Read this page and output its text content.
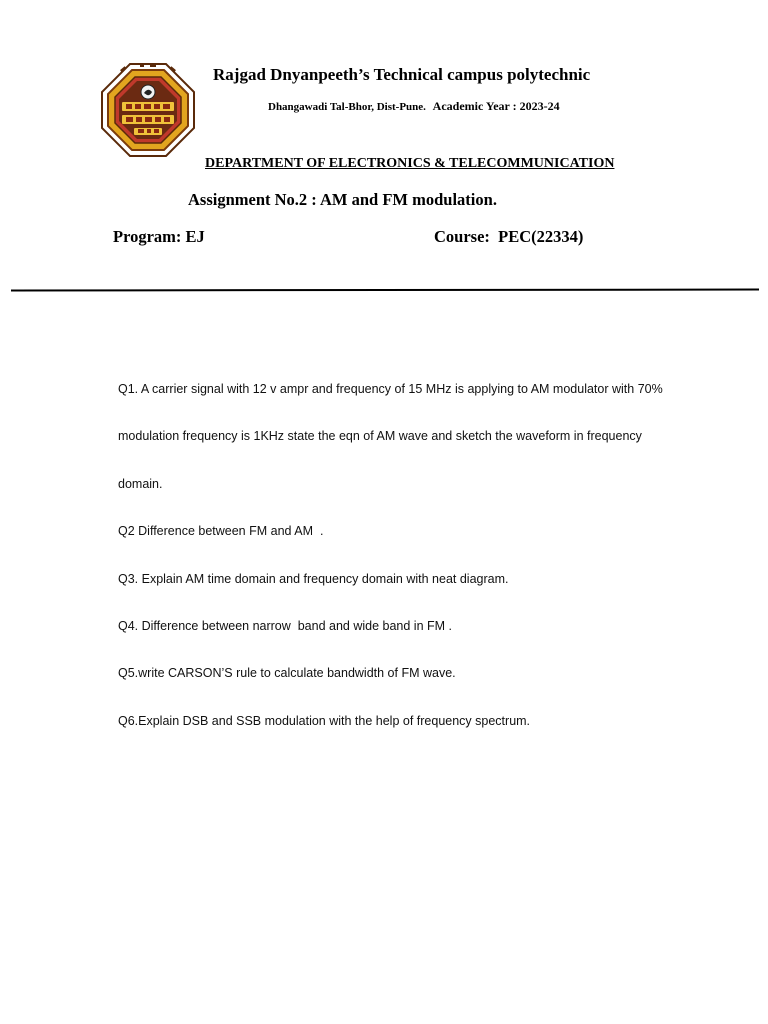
Rajgad Dnyanpeeth’s Technical campus polytechnic
Dhangawadi Tal-Bhor, Dist-Pune. Academic Year : 2023-24
DEPARTMENT OF ELECTRONICS & TELECOMMUNICATION
Assignment No.2 : AM and FM modulation.
Program: EJ	Course:  PEC(22334)
Q1. A carrier signal with 12 v ampr and frequency of 15 MHz is applying to AM modulator with 70%
modulation frequency is 1KHz state the eqn of AM wave and sketch the waveform in frequency
domain.
Q2 Difference between FM and AM  .
Q3. Explain AM time domain and frequency domain with neat diagram.
Q4. Difference between narrow  band and wide band in FM .
Q5.write CARSON’S rule to calculate bandwidth of FM wave.
Q6.Explain DSB and SSB modulation with the help of frequency spectrum.
